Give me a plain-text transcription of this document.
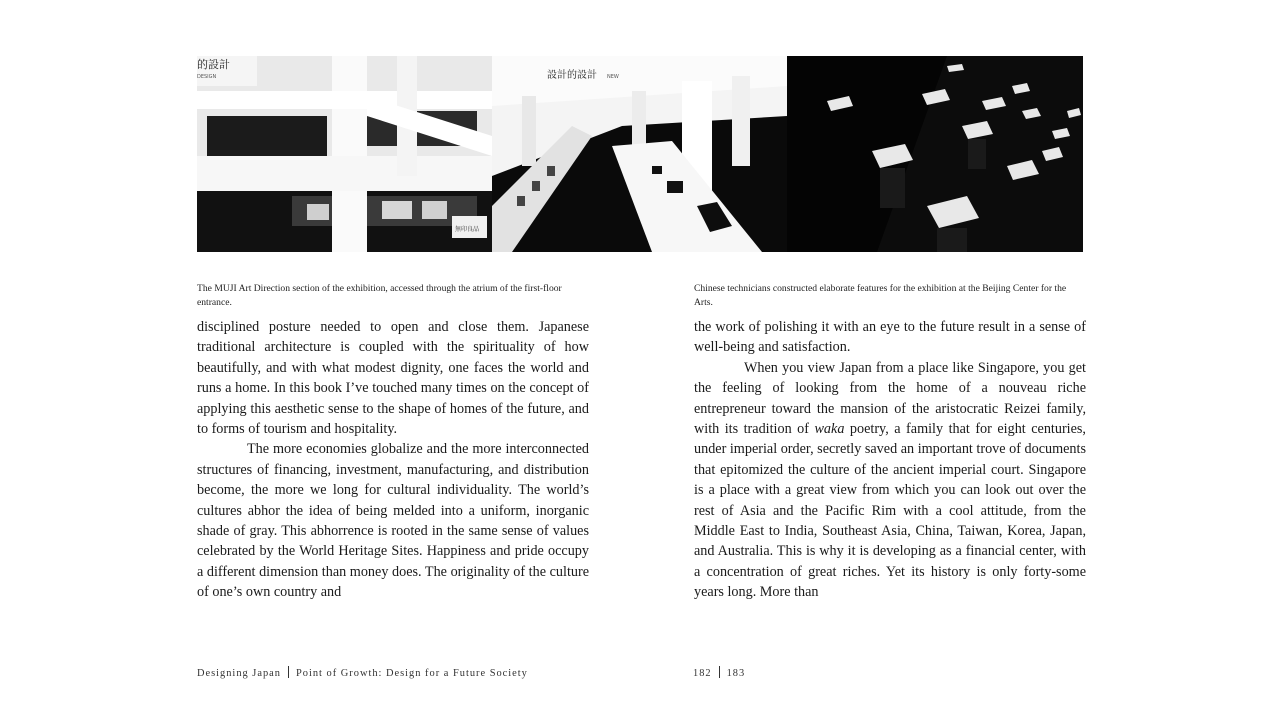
的設計
DESIGN
無印良品
設計的設計 NEW
The MUJI Art Direction section of the exhibition, accessed through the atrium of the first-floor entrance.
Chinese technicians constructed elaborate features for the exhibition at the Beijing Center for the Arts.

disciplined posture needed to open and close them. Japanese traditional architecture is coupled with the spirituality of how beautifully, and with what modest dignity, one faces the world and runs a home. In this book I’ve touched many times on the concept of applying this aesthetic sense to the shape of homes of the future, and to forms of tourism and hospitality.

The more economies globalize and the more interconnected structures of financing, investment, manufacturing, and distribution become, the more we long for cultural individuality. The world’s cultures abhor the idea of being melded into a uniform, inorganic shade of gray. This abhorrence is rooted in the same sense of values celebrated by the World Heritage Sites. Happiness and pride occupy a different dimension than money does. The originality of the culture of one’s own country and

the work of polishing it with an eye to the future result in a sense of well-being and satisfaction.

When you view Japan from a place like Singapore, you get the feeling of looking from the home of a nouveau riche entrepreneur toward the mansion of the aristocratic Reizei family, with its tradition of waka poetry, a family that for eight centuries, under imperial order, secretly saved an important trove of documents that epitomized the culture of the ancient imperial court. Singapore is a place with a great view from which you can look out over the rest of Asia and the Pacific Rim with a cool attitude, from the Middle East to India, Southeast Asia, China, Taiwan, Korea, Japan, and Australia. This is why it is developing as a financial center, with a concentration of great riches. Yet its history is only forty-some years long. More than

Designing Japan Point of Growth: Design for a Future Society	182 183
